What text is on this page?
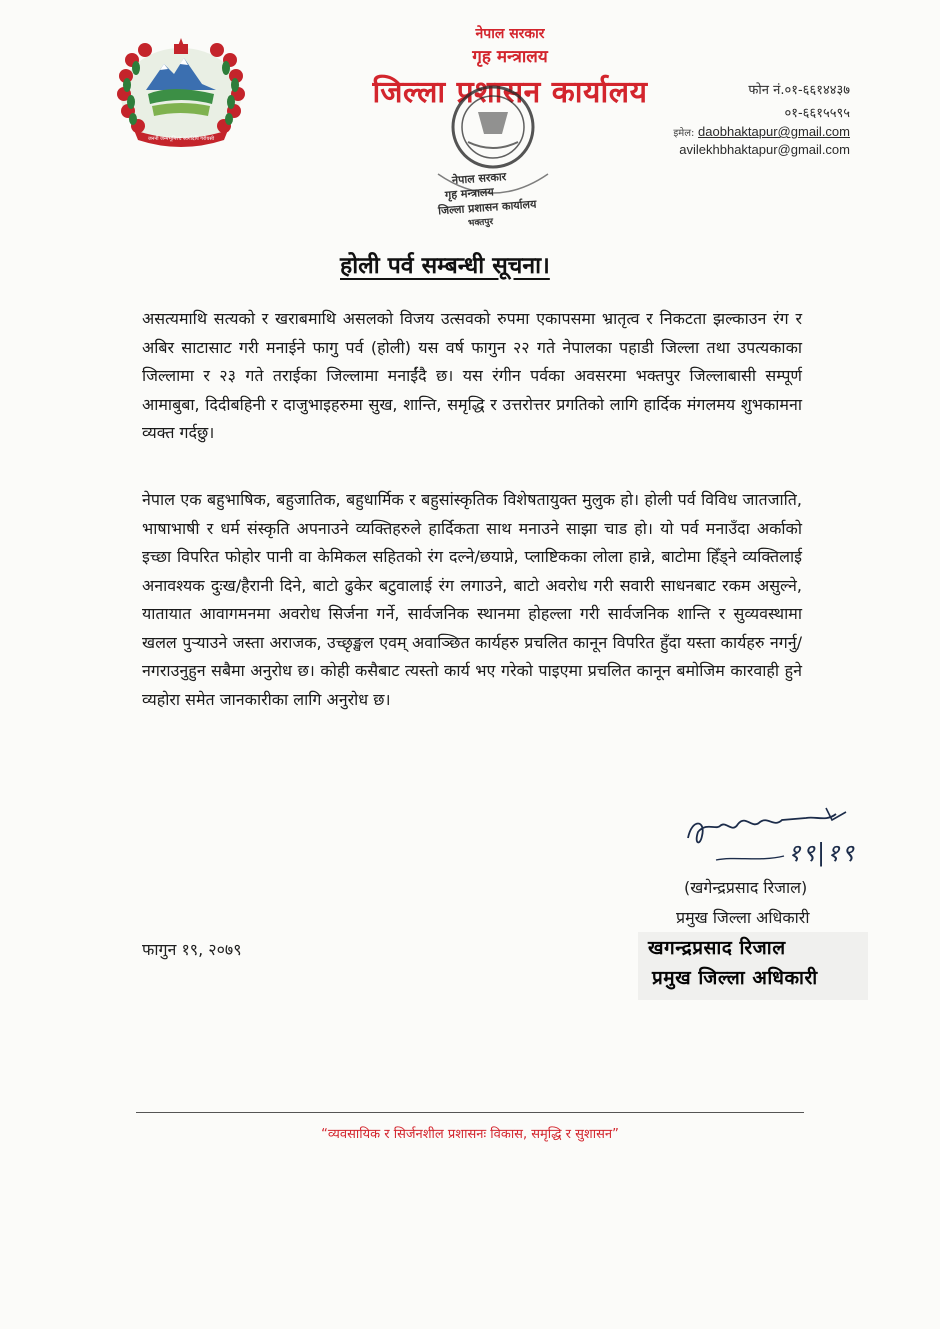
जननी जन्मभूमिश्च स्वर्गादपि गरीयसी
नेपाल सरकार
गृह मन्त्रालय
जिल्ला प्रशासन कार्यालय	फोन नं.०१-६६१४४३७
०१-६६१५५९५
इमेल: daobhaktapur@gmail.com
avilekhbhaktapur@gmail.com
नेपाल सरकार
गृह मन्त्रालय
जिल्ला प्रशासन कार्यालय
भक्तपुर
होली पर्व सम्बन्धी सूचना।
असत्यमाथि सत्यको र खराबमाथि असलको विजय उत्सवको रुपमा एकापसमा भ्रातृत्व र निकटता झल्काउन रंग र अबिर साटासाट गरी मनाईने फागु पर्व (होली) यस वर्ष फागुन २२ गते नेपालका पहाडी जिल्ला तथा उपत्यकाका जिल्लामा र २३ गते तराईका जिल्लामा मनाईंदै छ। यस रंगीन पर्वका अवसरमा भक्तपुर जिल्लाबासी सम्पूर्ण आमाबुबा, दिदीबहिनी र दाजुभाइहरुमा सुख, शान्ति, समृद्धि र उत्तरोत्तर प्रगतिको लागि हार्दिक मंगलमय शुभकामना व्यक्त गर्दछु।
नेपाल एक बहुभाषिक, बहुजातिक, बहुधार्मिक र बहुसांस्कृतिक विशेषतायुक्त मुलुक हो। होली पर्व विविध जातजाति, भाषाभाषी र धर्म संस्कृति अपनाउने व्यक्तिहरुले हार्दिकता साथ मनाउने साझा चाड हो। यो पर्व मनाउँदा अर्काको इच्छा विपरित फोहोर पानी वा केमिकल सहितको रंग दल्ने/छयाप्ने, प्लाष्टिकका लोला हान्ने, बाटोमा हिँड्ने व्यक्तिलाई अनावश्यक दुःख/हैरानी दिने, बाटो ढुकेर बटुवालाई रंग लगाउने, बाटो अवरोध गरी सवारी साधनबाट रकम असुल्ने, यातायात आवागमनमा अवरोध सिर्जना गर्ने, सार्वजनिक स्थानमा होहल्ला गरी सार्वजनिक शान्ति र सुव्यवस्थामा खलल पुर्‍याउने जस्ता अराजक, उच्छृङ्खल एवम् अवाञ्छित कार्यहरु प्रचलित कानून विपरित हुँदा यस्ता कार्यहरु नगर्नु/नगराउनुहुन सबैमा अनुरोध छ। कोही कसैबाट त्यस्तो कार्य भए गरेको पाइएमा प्रचलित कानून बमोजिम कारवाही हुने व्यहोरा समेत जानकारीका लागि अनुरोध छ।
१९|१९
(खगेन्द्रप्रसाद रिजाल)
प्रमुख जिल्ला अधिकारी
फागुन १९, २०७९	खगन्द्रप्रसाद रिजाल
प्रमुख जिल्ला अधिकारी
“व्यवसायिक र सिर्जनशील प्रशासनः विकास, समृद्धि र सुशासन”
